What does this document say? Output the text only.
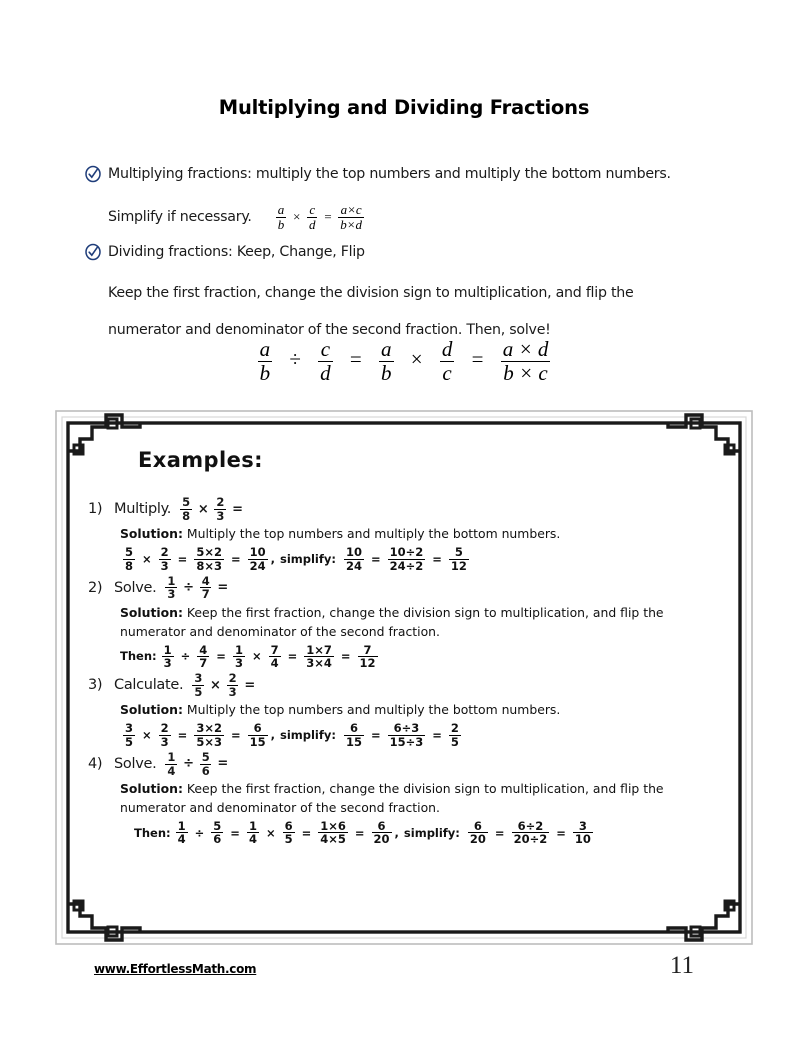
Multiplying and Dividing Fractions
Multiplying fractions: multiply the top numbers and multiply the bottom numbers.
Simplify if necessary. $\frac{a}{b} \times \frac{c}{d} = \frac{a\times c}{b\times d}$
Dividing fractions: Keep, Change, Flip
Keep the first fraction, change the division sign to multiplication, and flip the
numerator and denominator of the second fraction. Then, solve!
$\frac{a}{b} \div \frac{c}{d} = \frac{a}{b} \times \frac{d}{c} = \frac{a \times d}{b \times c}$
Examples:
1) Multiply. $\frac{5}{8} \times \frac{2}{3}$ =
Solution: Multiply the top numbers and multiply the bottom numbers.
$\frac{5}{8} \times \frac{2}{3} = \frac{5\times 2}{8\times 3} = \frac{10}{24}$ , simplify: $\frac{10}{24} = \frac{10\div 2}{24\div 2} = \frac{5}{12}$
2) Solve. $\frac{1}{3} \div \frac{4}{7}$ =
Solution: Keep the first fraction, change the division sign to multiplication, and flip the
numerator and denominator of the second fraction.
Then: $\frac{1}{3} \div \frac{4}{7} = \frac{1}{3} \times \frac{7}{4} = \frac{1\times 7}{3\times 4} = \frac{7}{12}$
3) Calculate. $\frac{3}{5} \times \frac{2}{3}$ =
Solution: Multiply the top numbers and multiply the bottom numbers.
$\frac{3}{5} \times \frac{2}{3} = \frac{3\times 2}{5\times 3} = \frac{6}{15}$ , simplify: $\frac{6}{15} = \frac{6\div 3}{15\div 3} = \frac{2}{5}$
4) Solve. $\frac{1}{4} \div \frac{5}{6}$ =
Solution: Keep the first fraction, change the division sign to multiplication, and flip the
numerator and denominator of the second fraction.
Then: $\frac{1}{4} \div \frac{5}{6} = \frac{1}{4} \times \frac{6}{5} = \frac{1\times 6}{4\times 5} = \frac{6}{20}$ , simplify: $\frac{6}{20} = \frac{6\div 2}{20\div 2} = \frac{3}{10}$
www.EffortlessMath.com	11
